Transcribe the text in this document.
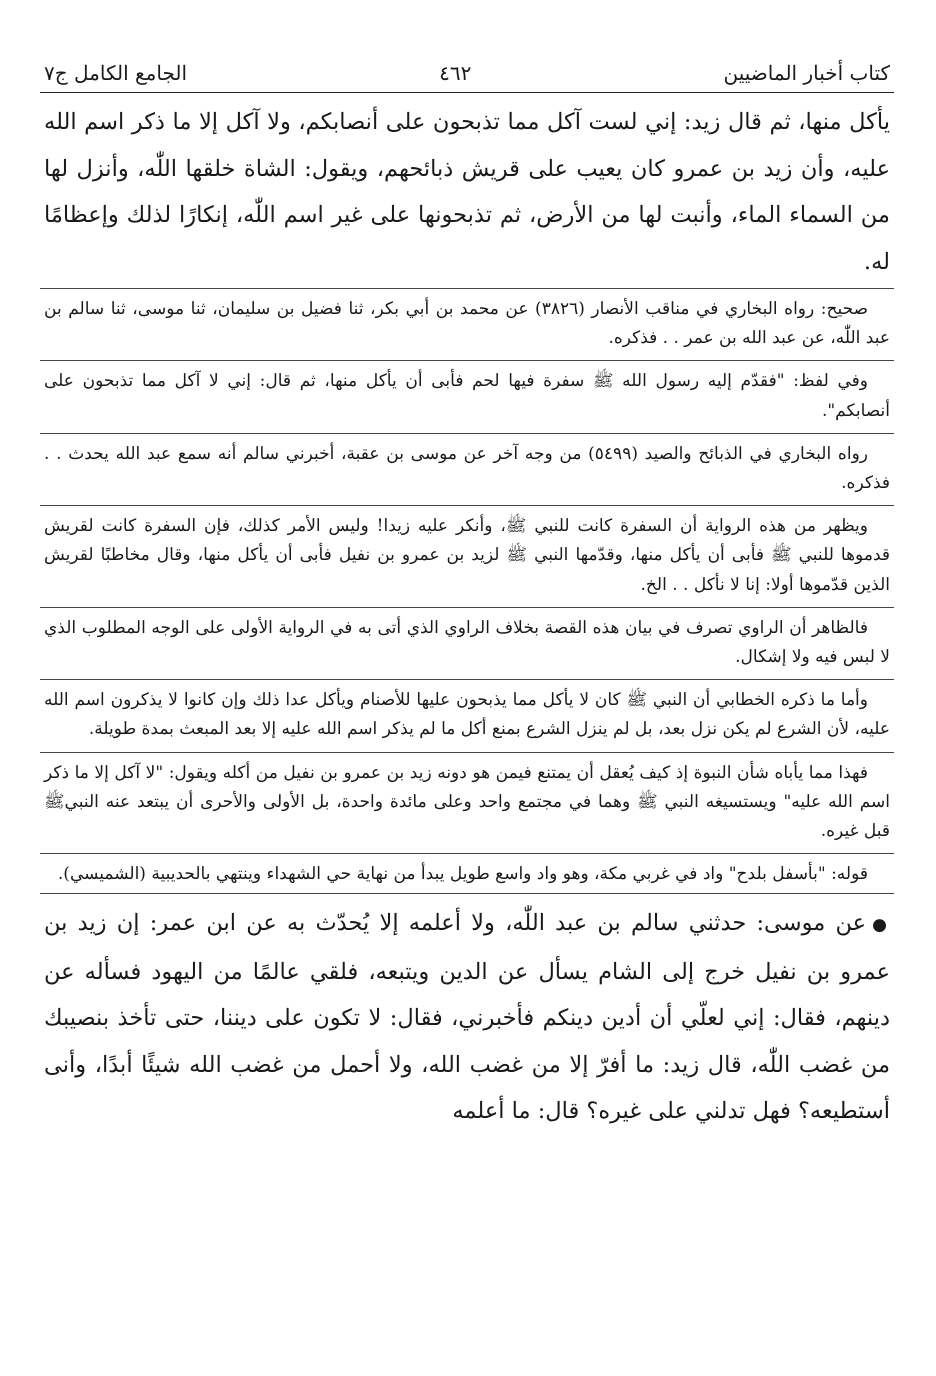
كتاب أخبار الماضيين
٤٦٢
الجامع الكامل ج٧

يأكل منها، ثم قال زيد: إني لست آكل مما تذبحون على أنصابكم، ولا آكل إلا ما ذكر اسم الله عليه، وأن زيد بن عمرو كان يعيب على قريش ذبائحهم، ويقول: الشاة خلقها اللّٰه، وأنزل لها من السماء الماء، وأنبت لها من الأرض، ثم تذبحونها على غير اسم اللّٰه، إنكارًا لذلك وإعظامًا له.

صحيح: رواه البخاري في مناقب الأنصار (٣٨٢٦) عن محمد بن أبي بكر، ثنا فضيل بن سليمان، ثنا موسى، ثنا سالم بن عبد اللّٰه، عن عبد الله بن عمر . . فذكره.

وفي لفظ: "فقدّم إليه رسول الله ﷺ سفرة فيها لحم فأبى أن يأكل منها، ثم قال: إني لا آكل مما تذبحون على أنصابكم".

رواه البخاري في الذبائح والصيد (٥٤٩٩) من وجه آخر عن موسى بن عقبة، أخبرني سالم أنه سمع عبد الله يحدث . . فذكره.

ويظهر من هذه الرواية أن السفرة كانت للنبي ﷺ، وأنكر عليه زيدا! وليس الأمر كذلك، فإن السفرة كانت لقريش قدموها للنبي ﷺ فأبى أن يأكل منها، وقدّمها النبي ﷺ لزيد بن عمرو بن نفيل فأبى أن يأكل منها، وقال مخاطبًا لقريش الذين قدّموها أولا: إنا لا نأكل . . الخ.

فالظاهر أن الراوي تصرف في بيان هذه القصة بخلاف الراوي الذي أتى به في الرواية الأولى على الوجه المطلوب الذي لا لبس فيه ولا إشكال.

وأما ما ذكره الخطابي أن النبي ﷺ كان لا يأكل مما يذبحون عليها للأصنام ويأكل عدا ذلك وإن كانوا لا يذكرون اسم الله عليه، لأن الشرع لم يكن نزل بعد، بل لم ينزل الشرع بمنع أكل ما لم يذكر اسم الله عليه إلا بعد المبعث بمدة طويلة.

فهذا مما يأباه شأن النبوة إذ كيف يُعقل أن يمتنع فيمن هو دونه زيد بن عمرو بن نفيل من أكله ويقول: "لا آكل إلا ما ذكر اسم الله عليه" ويستسيغه النبي ﷺ وهما في مجتمع واحد وعلى مائدة واحدة، بل الأولى والأحرى أن يبتعد عنه النبيﷺ قبل غيره.

قوله: "بأسفل بلدح" واد في غربي مكة، وهو واد واسع طويل يبدأ من نهاية حي الشهداء وينتهي بالحديبية (الشميسي).

●عن موسى: حدثني سالم بن عبد اللّٰه، ولا أعلمه إلا يُحدّث به عن ابن عمر: إن زيد بن عمرو بن نفيل خرج إلى الشام يسأل عن الدين ويتبعه، فلقي عالمًا من اليهود فسأله عن دينهم، فقال: إني لعلّي أن أدين دينكم فأخبرني، فقال: لا تكون على ديننا، حتى تأخذ بنصيبك من غضب اللّٰه، قال زيد: ما أفرّ إلا من غضب الله، ولا أحمل من غضب الله شيئًا أبدًا، وأنى أستطيعه؟ فهل تدلني على غيره؟ قال: ما أعلمه
